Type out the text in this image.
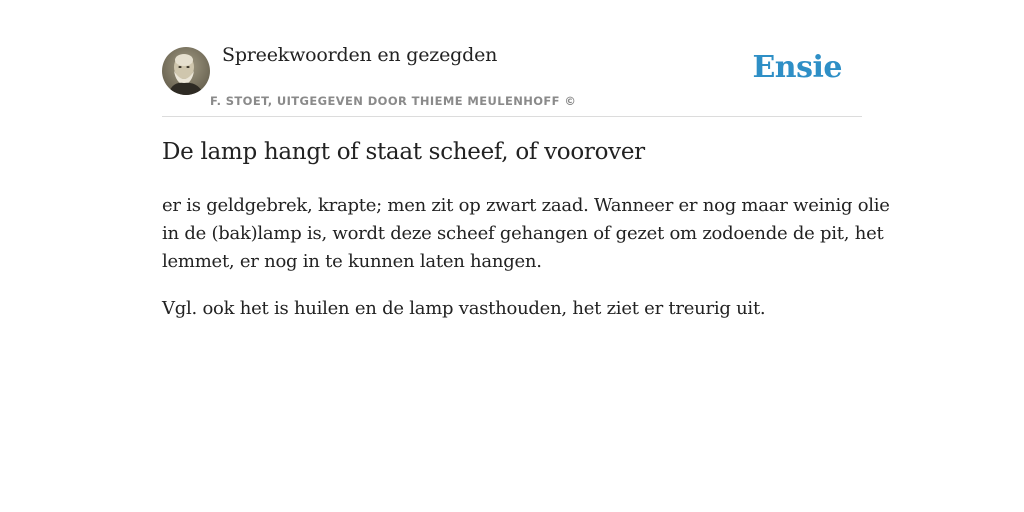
Spreekwoorden en gezegden
F. STOET, UITGEGEVEN DOOR THIEME MEULENHOFF ©
Ensie
De lamp hangt of staat scheef, of voorover

er is geldgebrek, krapte; men zit op zwart zaad. Wanneer er nog maar weinig olie
in de (bak)lamp is, wordt deze scheef gehangen of gezet om zodoende de pit, het
lemmet, er nog in te kunnen laten hangen.

Vgl. ook het is huilen en de lamp vasthouden, het ziet er treurig uit.
